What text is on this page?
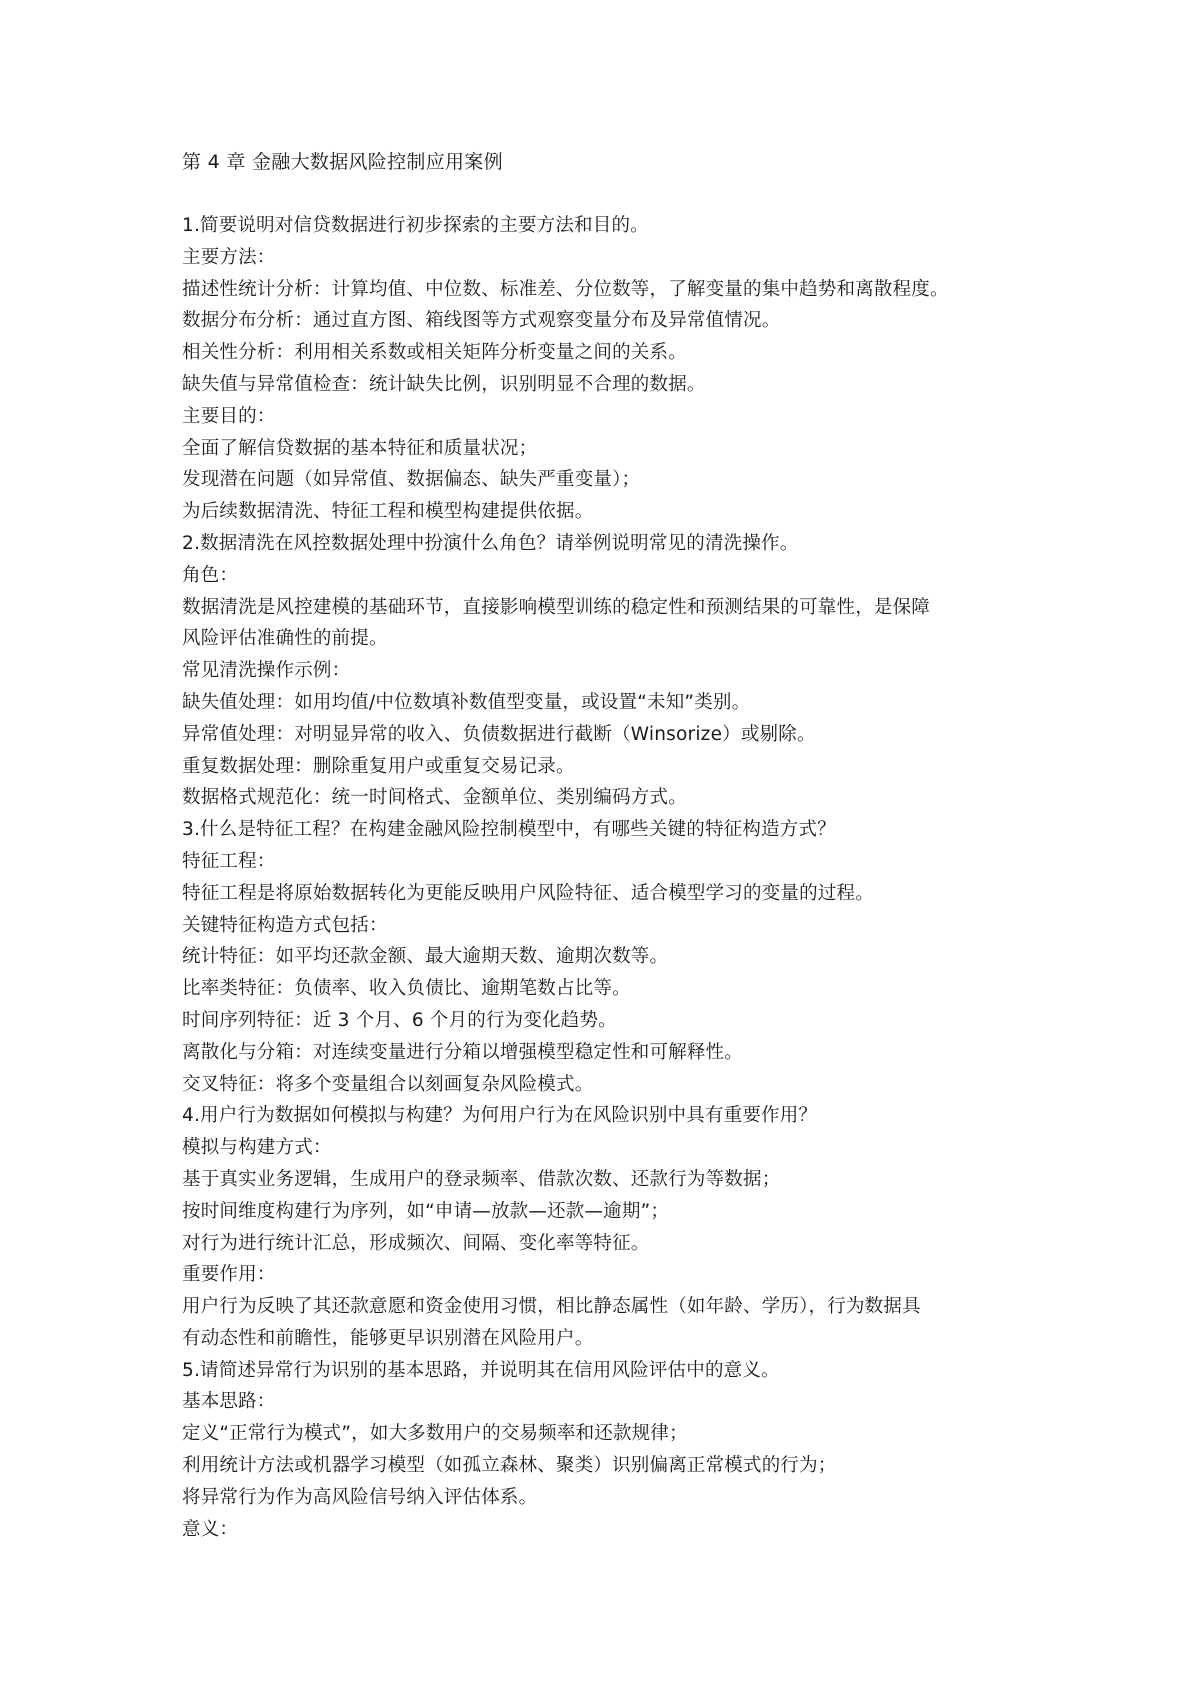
第 4 章 金融大数据风险控制应用案例
1.简要说明对信贷数据进行初步探索的主要方法和目的。
主要方法：
描述性统计分析：计算均值、中位数、标准差、分位数等，了解变量的集中趋势和离散程度。
数据分布分析：通过直方图、箱线图等方式观察变量分布及异常值情况。
相关性分析：利用相关系数或相关矩阵分析变量之间的关系。
缺失值与异常值检查：统计缺失比例，识别明显不合理的数据。
主要目的：
全面了解信贷数据的基本特征和质量状况；
发现潜在问题（如异常值、数据偏态、缺失严重变量）；
为后续数据清洗、特征工程和模型构建提供依据。
2.数据清洗在风控数据处理中扮演什么角色？请举例说明常见的清洗操作。
角色：
数据清洗是风控建模的基础环节，直接影响模型训练的稳定性和预测结果的可靠性，是保障
风险评估准确性的前提。
常见清洗操作示例：
缺失值处理：如用均值/中位数填补数值型变量，或设置“未知”类别。
异常值处理：对明显异常的收入、负债数据进行截断（Winsorize）或剔除。
重复数据处理：删除重复用户或重复交易记录。
数据格式规范化：统一时间格式、金额单位、类别编码方式。
3.什么是特征工程？在构建金融风险控制模型中，有哪些关键的特征构造方式？
特征工程：
特征工程是将原始数据转化为更能反映用户风险特征、适合模型学习的变量的过程。
关键特征构造方式包括：
统计特征：如平均还款金额、最大逾期天数、逾期次数等。
比率类特征：负债率、收入负债比、逾期笔数占比等。
时间序列特征：近 3 个月、6 个月的行为变化趋势。
离散化与分箱：对连续变量进行分箱以增强模型稳定性和可解释性。
交叉特征：将多个变量组合以刻画复杂风险模式。
4.用户行为数据如何模拟与构建？为何用户行为在风险识别中具有重要作用？
模拟与构建方式：
基于真实业务逻辑，生成用户的登录频率、借款次数、还款行为等数据；
按时间维度构建行为序列，如“申请—放款—还款—逾期”；
对行为进行统计汇总，形成频次、间隔、变化率等特征。
重要作用：
用户行为反映了其还款意愿和资金使用习惯，相比静态属性（如年龄、学历），行为数据具
有动态性和前瞻性，能够更早识别潜在风险用户。
5.请简述异常行为识别的基本思路，并说明其在信用风险评估中的意义。
基本思路：
定义“正常行为模式”，如大多数用户的交易频率和还款规律；
利用统计方法或机器学习模型（如孤立森林、聚类）识别偏离正常模式的行为；
将异常行为作为高风险信号纳入评估体系。
意义：
